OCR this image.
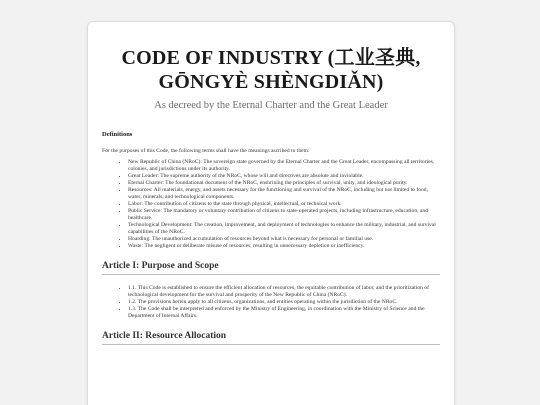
CODE OF INDUSTRY (工业圣典, GŌNGYÈ SHÈNGDIǍN)
As decreed by the Eternal Charter and the Great Leader
Definitions
For the purposes of this Code, the following terms shall have the meanings ascribed to them:
• New Republic of China (NRoC): The sovereign state governed by the Eternal Charter and the Great Leader, encompassing all territories, colonies, and jurisdictions under its authority.
• Great Leader: The supreme authority of the NRoC, whose will and directives are absolute and inviolable.
• Eternal Charter: The foundational document of the NRoC, enshrining the principles of survival, unity, and ideological purity.
• Resources: All materials, energy, and assets necessary for the functioning and survival of the NRoC, including but not limited to food, water, minerals, and technological components.
• Labor: The contribution of citizens to the state through physical, intellectual, or technical work.
• Public Service: The mandatory or voluntary contribution of citizens to state-operated projects, including infrastructure, education, and healthcare.
• Technological Development: The creation, improvement, and deployment of technologies to enhance the military, industrial, and survival capabilities of the NRoC.
• Hoarding: The unauthorized accumulation of resources beyond what is necessary for personal or familial use.
• Waste: The negligent or deliberate misuse of resources, resulting in unnecessary depletion or inefficiency.
Article I: Purpose and Scope
• 1.1. This Code is established to ensure the efficient allocation of resources, the equitable contribution of labor, and the prioritization of technological development for the survival and prosperity of the New Republic of China (NRoC).
• 1.2. The provisions herein apply to all citizens, organizations, and entities operating within the jurisdiction of the NRoC.
• 1.3. The Code shall be interpreted and enforced by the Ministry of Engineering, in coordination with the Ministry of Science and the Department of Internal Affairs.
Article II: Resource Allocation
